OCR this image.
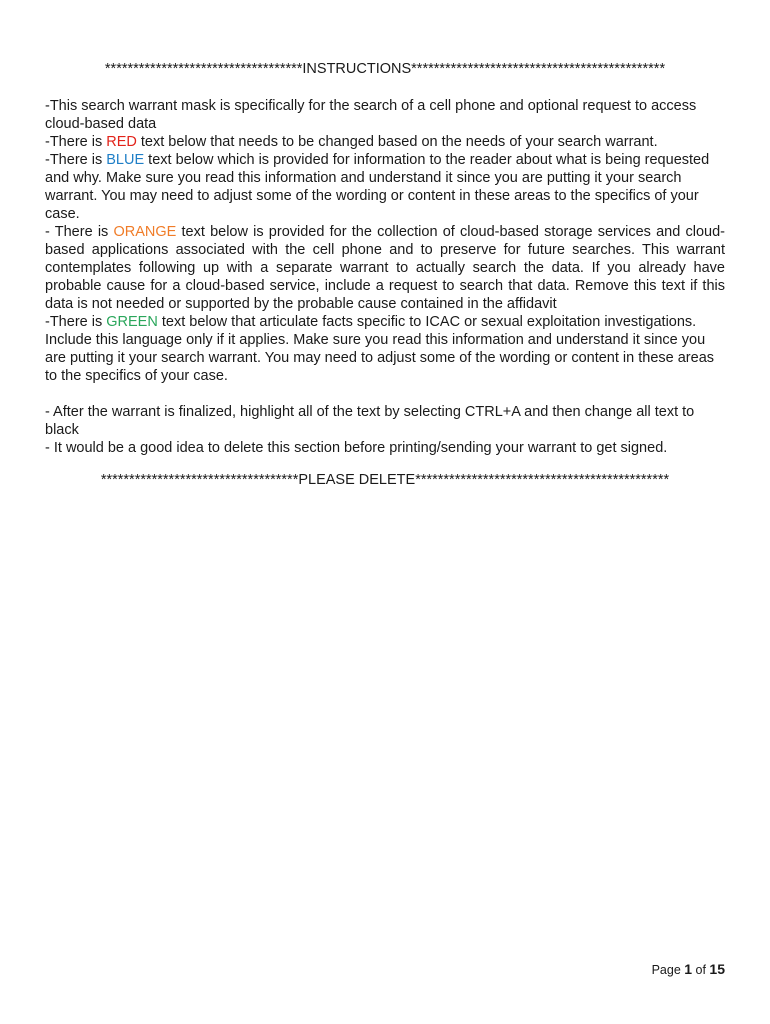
***********************************INSTRUCTIONS*********************************************

-This search warrant mask is specifically for the search of a cell phone and optional request to access cloud-based data

-There is RED text below that needs to be changed based on the needs of your search warrant.

-There is BLUE text below which is provided for information to the reader about what is being requested and why. Make sure you read this information and understand it since you are putting it your search warrant. You may need to adjust some of the wording or content in these areas to the specifics of your case.

- There is ORANGE text below is provided for the collection of cloud-based storage services and cloud-based applications associated with the cell phone and to preserve for future searches. This warrant contemplates following up with a separate warrant to actually search the data. If you already have probable cause for a cloud-based service, include a request to search that data. Remove this text if this data is not needed or supported by the probable cause contained in the affidavit

-There is GREEN text below that articulate facts specific to ICAC or sexual exploitation investigations. Include this language only if it applies. Make sure you read this information and understand it since you are putting it your search warrant. You may need to adjust some of the wording or content in these areas to the specifics of your case.

- After the warrant is finalized, highlight all of the text by selecting CTRL+A and then change all text to black

- It would be a good idea to delete this section before printing/sending your warrant to get signed.

***********************************PLEASE DELETE*********************************************
Page 1 of 15
